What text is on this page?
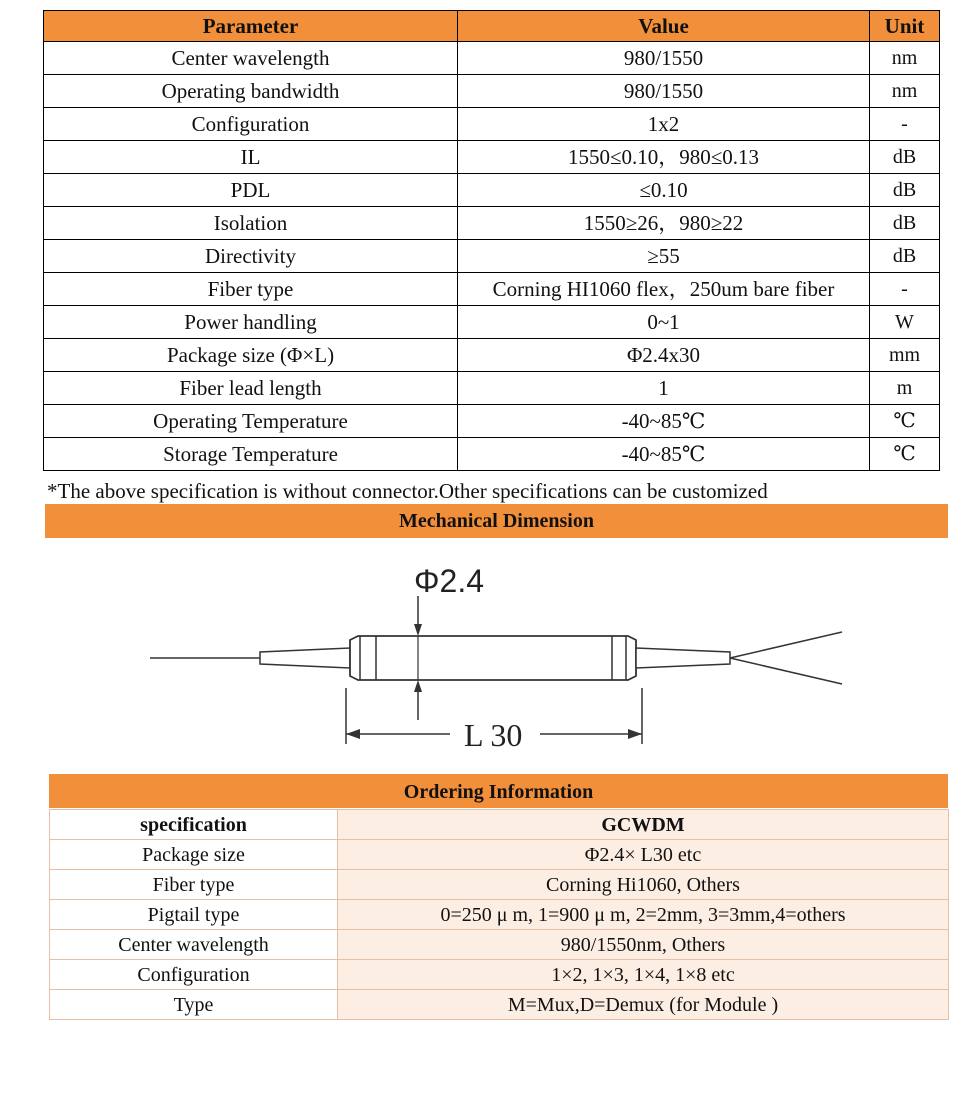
Parameter	Value	Unit
Center wavelength	980/1550	nm
Operating bandwidth	980/1550	nm
Configuration	1x2	-
IL	1550≤0.10，980≤0.13	dB
PDL	≤0.10	dB
Isolation	1550≥26，980≥22	dB
Directivity	≥55	dB
Fiber type	Corning HI1060 flex，250um bare fiber	-
Power handling	0~1	W
Package size (Φ×L)	Φ2.4x30	mm
Fiber lead length	1	m
Operating Temperature	-40~85℃	℃
Storage Temperature	-40~85℃	℃
*The above specification is without connector.Other specifications can be customized
Mechanical Dimension
Φ2.4
L 30
Ordering Information
specification	GCWDM
Package size	Φ2.4× L30 etc
Fiber type	Corning Hi1060, Others
Pigtail type	0=250 μ m, 1=900 μ m, 2=2mm, 3=3mm,4=others
Center wavelength	980/1550nm, Others
Configuration	1×2, 1×3, 1×4, 1×8 etc
Type	M=Mux,D=Demux (for Module )
